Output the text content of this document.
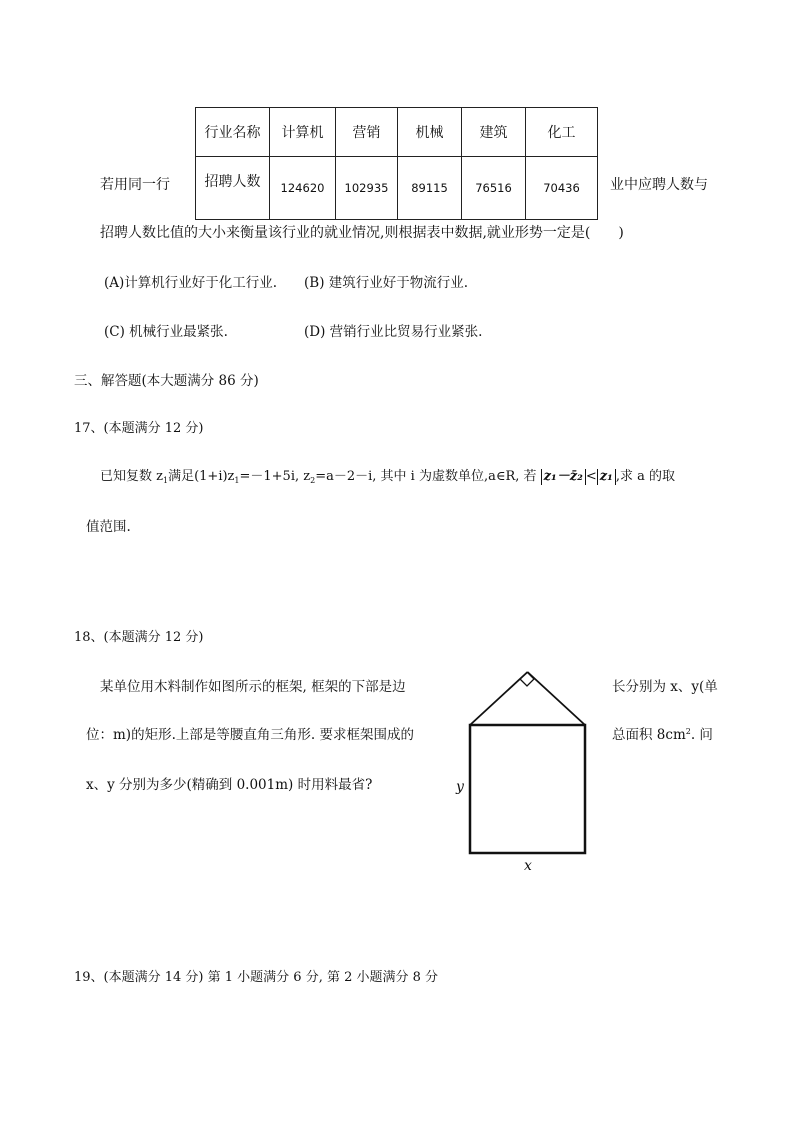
行业名称	计算机	营销	机械	建筑	化工
招聘人数	124620	102935	89115	76516	70436
若用同一行	业中应聘人数与
招聘人数比值的大小来衡量该行业的就业情况,则根据表中数据,就业形势一定是(　　)
(A)计算机行业好于化工行业. (B) 建筑行业好于物流行业.
(C) 机械行业最紧张.	(D) 营销行业比贸易行业紧张.
三、解答题(本大题满分 86 分)
17、(本题满分 12 分)
已知复数 $z_1$满足$(1+i)z_1=-1+5i$, $z_2=a-2-i$, 其中 i 为虚数单位,a∈R, 若 z₁－z̄₂ < z₁ ,求 a 的取
值范围.
18、(本题满分 12 分)
某单位用木料制作如图所示的框架, 框架的下部是边	长分别为 x、y(单
位：m)的矩形.上部是等腰直角三角形. 要求框架围成的	总面积 $8cm^2$. 问
x、y 分别为多少(精确到 0.001m) 时用料最省?	y
x
19、(本题满分 14 分) 第 1 小题满分 6 分, 第 2 小题满分 8 分
